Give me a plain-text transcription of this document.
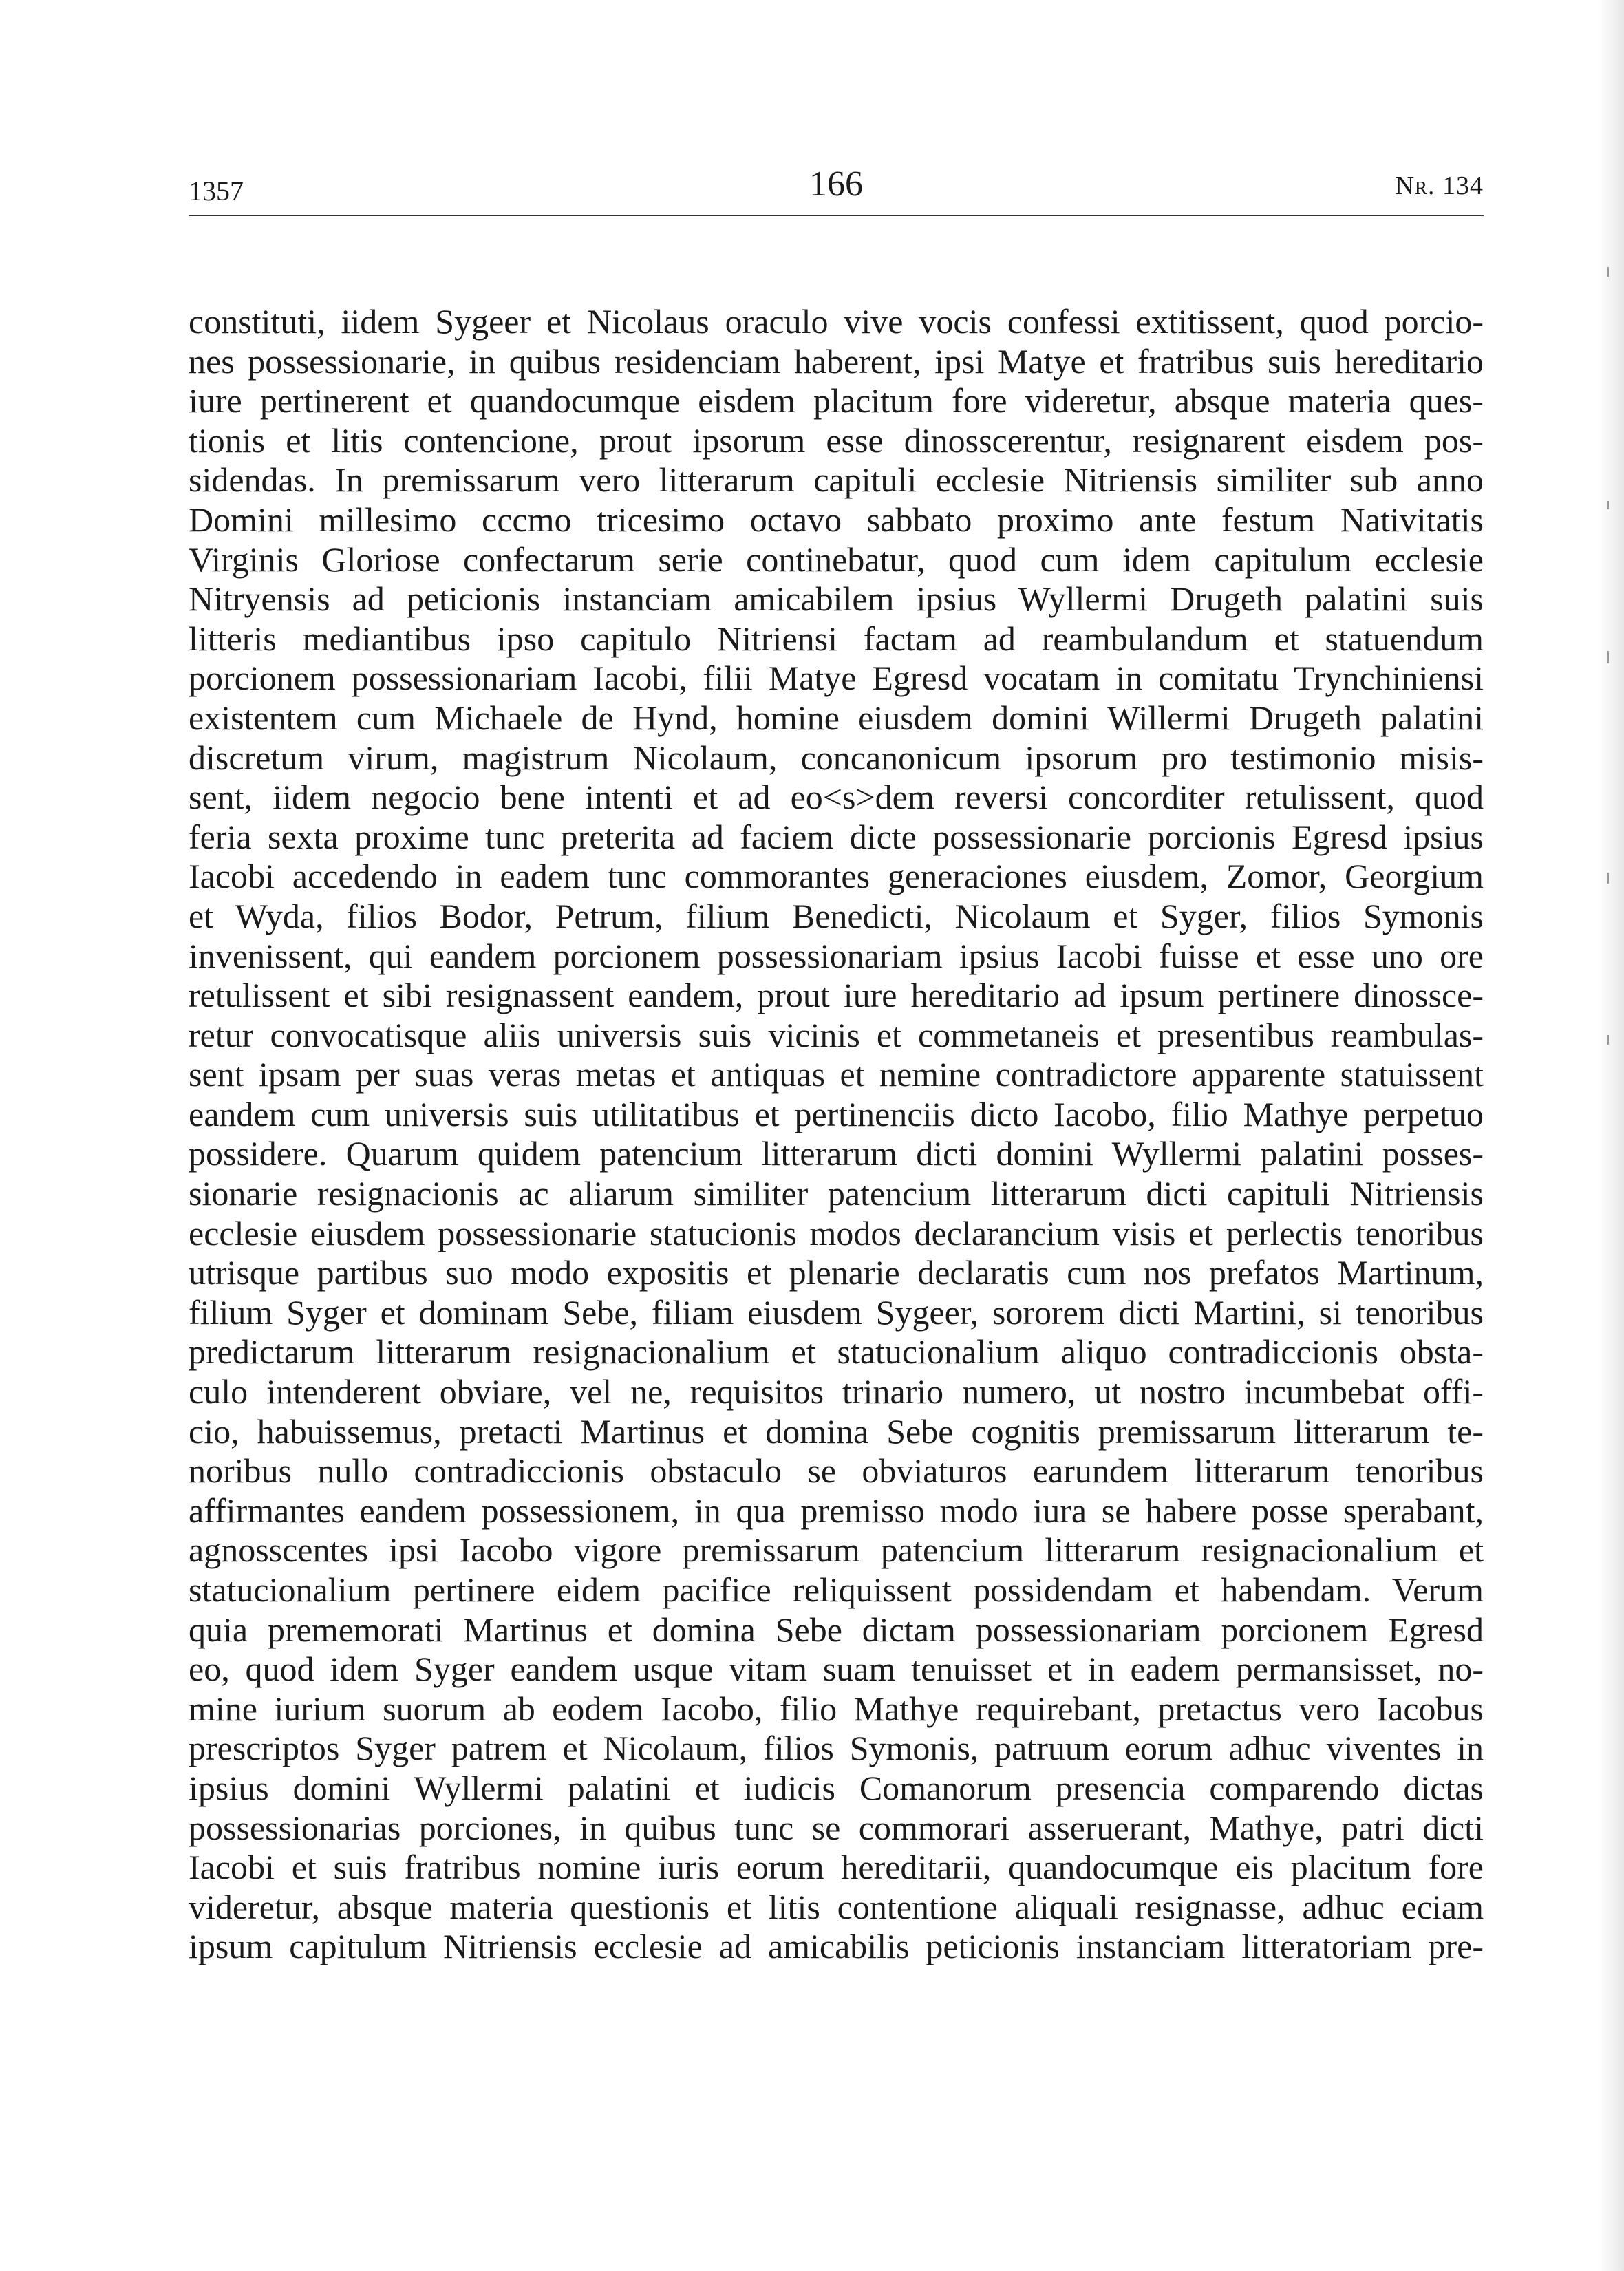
1357	166	Nr. 134
constituti, iidem Sygeer et Nicolaus oraculo vive vocis confessi extitissent, quod porcio-
nes possessionarie, in quibus residenciam haberent, ipsi Matye et fratribus suis hereditario
iure pertinerent et quandocumque eisdem placitum fore videretur, absque materia ques-
tionis et litis contencione, prout ipsorum esse dinosscerentur, resignarent eisdem pos-
sidendas. In premissarum vero litterarum capituli ecclesie Nitriensis similiter sub anno
Domini millesimo cccmo tricesimo octavo sabbato proximo ante festum Nativitatis
Virginis Gloriose confectarum serie continebatur, quod cum idem capitulum ecclesie
Nitryensis ad peticionis instanciam amicabilem ipsius Wyllermi Drugeth palatini suis
litteris mediantibus ipso capitulo Nitriensi factam ad reambulandum et statuendum
porcionem possessionariam Iacobi, filii Matye Egresd vocatam in comitatu Trynchiniensi
existentem cum Michaele de Hynd, homine eiusdem domini Willermi Drugeth palatini
discretum virum, magistrum Nicolaum, concanonicum ipsorum pro testimonio misis-
sent, iidem negocio bene intenti et ad eo<s>dem reversi concorditer retulissent, quod
feria sexta proxime tunc preterita ad faciem dicte possessionarie porcionis Egresd ipsius
Iacobi accedendo in eadem tunc commorantes generaciones eiusdem, Zomor, Georgium
et Wyda, filios Bodor, Petrum, filium Benedicti, Nicolaum et Syger, filios Symonis
invenissent, qui eandem porcionem possessionariam ipsius Iacobi fuisse et esse uno ore
retulissent et sibi resignassent eandem, prout iure hereditario ad ipsum pertinere dinossce-
retur convocatisque aliis universis suis vicinis et commetaneis et presentibus reambulas-
sent ipsam per suas veras metas et antiquas et nemine contradictore apparente statuissent
eandem cum universis suis utilitatibus et pertinenciis dicto Iacobo, filio Mathye perpetuo
possidere. Quarum quidem patencium litterarum dicti domini Wyllermi palatini posses-
sionarie resignacionis ac aliarum similiter patencium litterarum dicti capituli Nitriensis
ecclesie eiusdem possessionarie statucionis modos declarancium visis et perlectis tenoribus
utrisque partibus suo modo expositis et plenarie declaratis cum nos prefatos Martinum,
filium Syger et dominam Sebe, filiam eiusdem Sygeer, sororem dicti Martini, si tenoribus
predictarum litterarum resignacionalium et statucionalium aliquo contradiccionis obsta-
culo intenderent obviare, vel ne, requisitos trinario numero, ut nostro incumbebat offi-
cio, habuissemus, pretacti Martinus et domina Sebe cognitis premissarum litterarum te-
noribus nullo contradiccionis obstaculo se obviaturos earundem litterarum tenoribus
affirmantes eandem possessionem, in qua premisso modo iura se habere posse sperabant,
agnosscentes ipsi Iacobo vigore premissarum patencium litterarum resignacionalium et
statucionalium pertinere eidem pacifice reliquissent possidendam et habendam. Verum
quia prememorati Martinus et domina Sebe dictam possessionariam porcionem Egresd
eo, quod idem Syger eandem usque vitam suam tenuisset et in eadem permansisset, no-
mine iurium suorum ab eodem Iacobo, filio Mathye requirebant, pretactus vero Iacobus
prescriptos Syger patrem et Nicolaum, filios Symonis, patruum eorum adhuc viventes in
ipsius domini Wyllermi palatini et iudicis Comanorum presencia comparendo dictas
possessionarias porciones, in quibus tunc se commorari asseruerant, Mathye, patri dicti
Iacobi et suis fratribus nomine iuris eorum hereditarii, quandocumque eis placitum fore
videretur, absque materia questionis et litis contentione aliquali resignasse, adhuc eciam
ipsum capitulum Nitriensis ecclesie ad amicabilis peticionis instanciam litteratoriam pre-
